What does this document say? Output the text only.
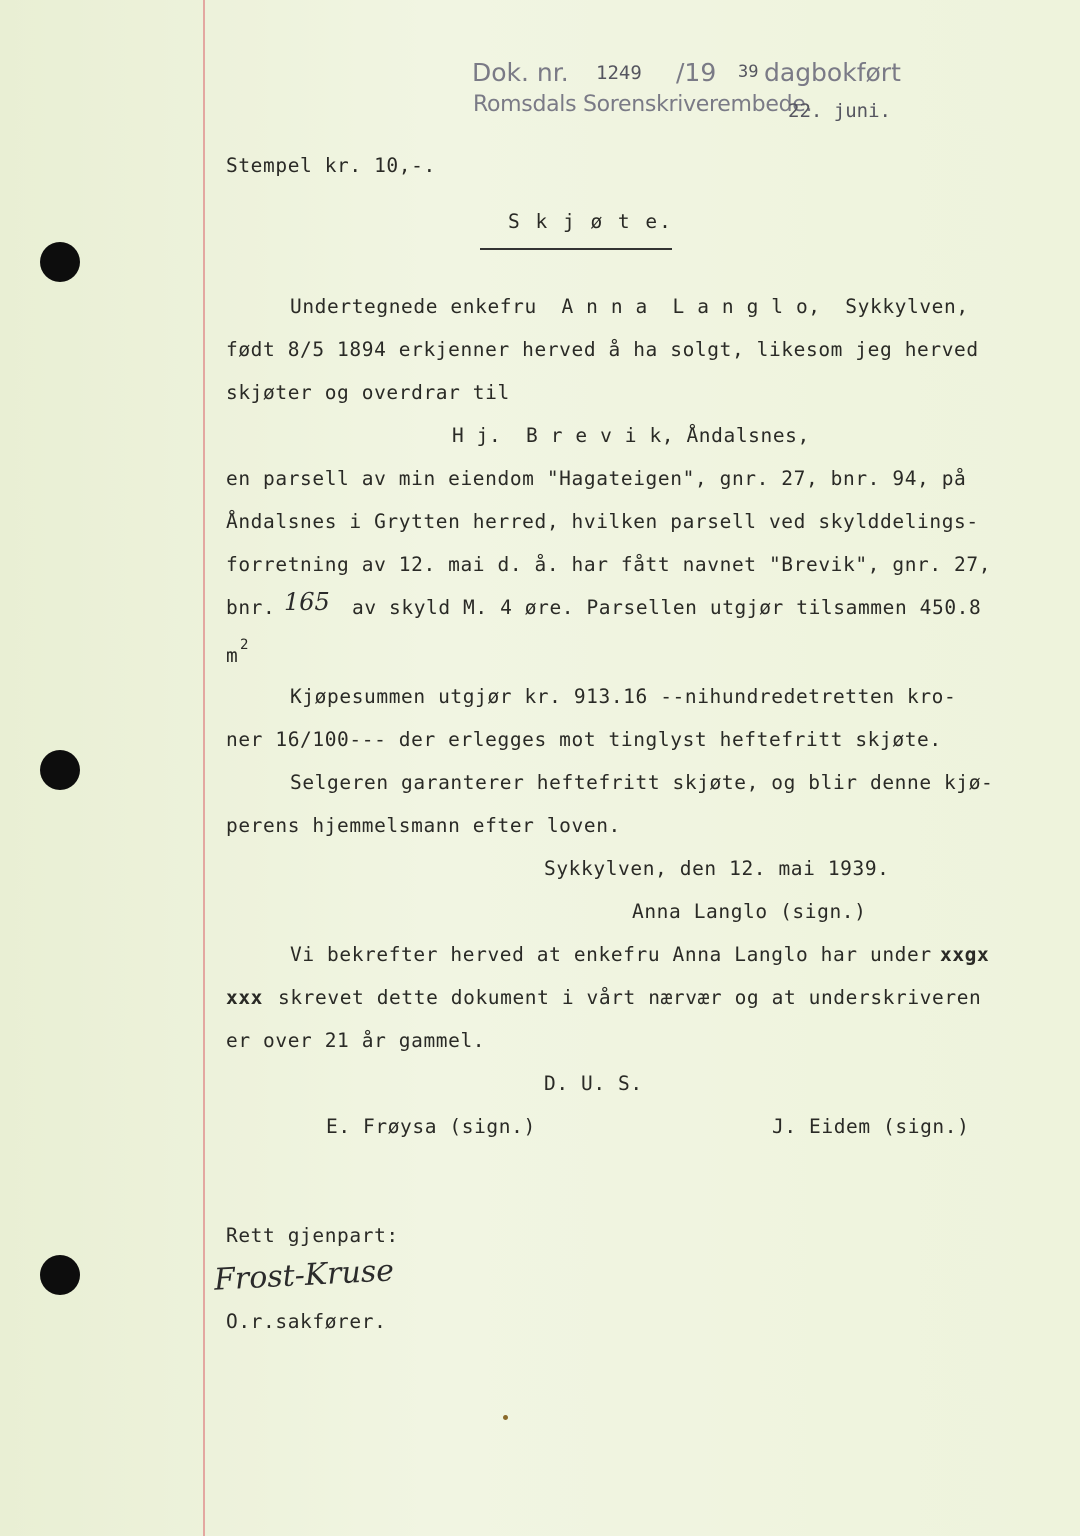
Dok. nr. 1249 /19 39 dagbokført
Romsdals Sorenskriverembede.
22. juni.
Stempel kr. 10,-.
S k j ø t e.
Undertegnede enkefru  A n n a  L a n g l o,  Sykkylven,
født 8/5 1894 erkjenner herved å ha solgt, likesom jeg herved
skjøter og overdrar til
H j.  B r e v i k, Åndalsnes,
en parsell av min eiendom "Hagateigen", gnr. 27, bnr. 94, på
Åndalsnes i Grytten herred, hvilken parsell ved skylddelings-
forretning av 12. mai d. å. har fått navnet "Brevik", gnr. 27,
bnr. 165 av skyld M. 4 øre. Parsellen utgjør tilsammen 450.8
m 2
Kjøpesummen utgjør kr. 913.16 --nihundredetretten kro-
ner 16/100--- der erlegges mot tinglyst heftefritt skjøte.
Selgeren garanterer heftefritt skjøte, og blir denne kjø-
perens hjemmelsmann efter loven.
Sykkylven, den 12. mai 1939.
Anna Langlo (sign.)
Vi bekrefter herved at enkefru Anna Langlo har under xxgx
xxx skrevet dette dokument i vårt nærvær og at underskriveren
er over 21 år gammel.
D. U. S.
E. Frøysa (sign.)	J. Eidem (sign.)
Rett gjenpart:
Frost-Kruse
O.r.sakfører.
